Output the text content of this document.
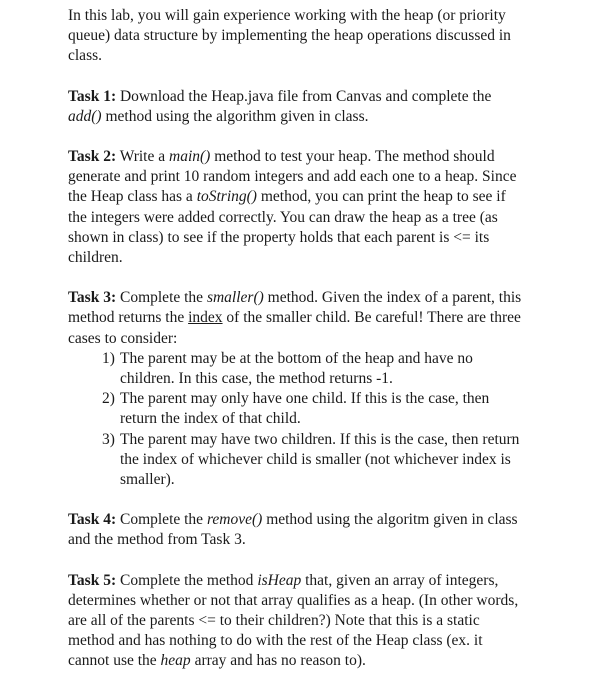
In this lab, you will gain experience working with the heap (or priority queue) data structure by implementing the heap operations discussed in class.

Task 1: Download the Heap.java file from Canvas and complete the add() method using the algorithm given in class.

Task 2: Write a main() method to test your heap. The method should generate and print 10 random integers and add each one to a heap. Since the Heap class has a toString() method, you can print the heap to see if the integers were added correctly. You can draw the heap as a tree (as shown in class) to see if the property holds that each parent is <= its children.

Task 3: Complete the smaller() method. Given the index of a parent, this method returns the index of the smaller child. Be careful! There are three cases to consider:

1) The parent may be at the bottom of the heap and have no children. In this case, the method returns -1.
2) The parent may only have one child. If this is the case, then return the index of that child.
3) The parent may have two children. If this is the case, then return the index of whichever child is smaller (not whichever index is smaller).

Task 4: Complete the remove() method using the algoritm given in class and the method from Task 3.

Task 5: Complete the method isHeap that, given an array of integers, determines whether or not that array qualifies as a heap. (In other words, are all of the parents <= to their children?) Note that this is a static method and has nothing to do with the rest of the Heap class (ex. it cannot use the heap array and has no reason to).
